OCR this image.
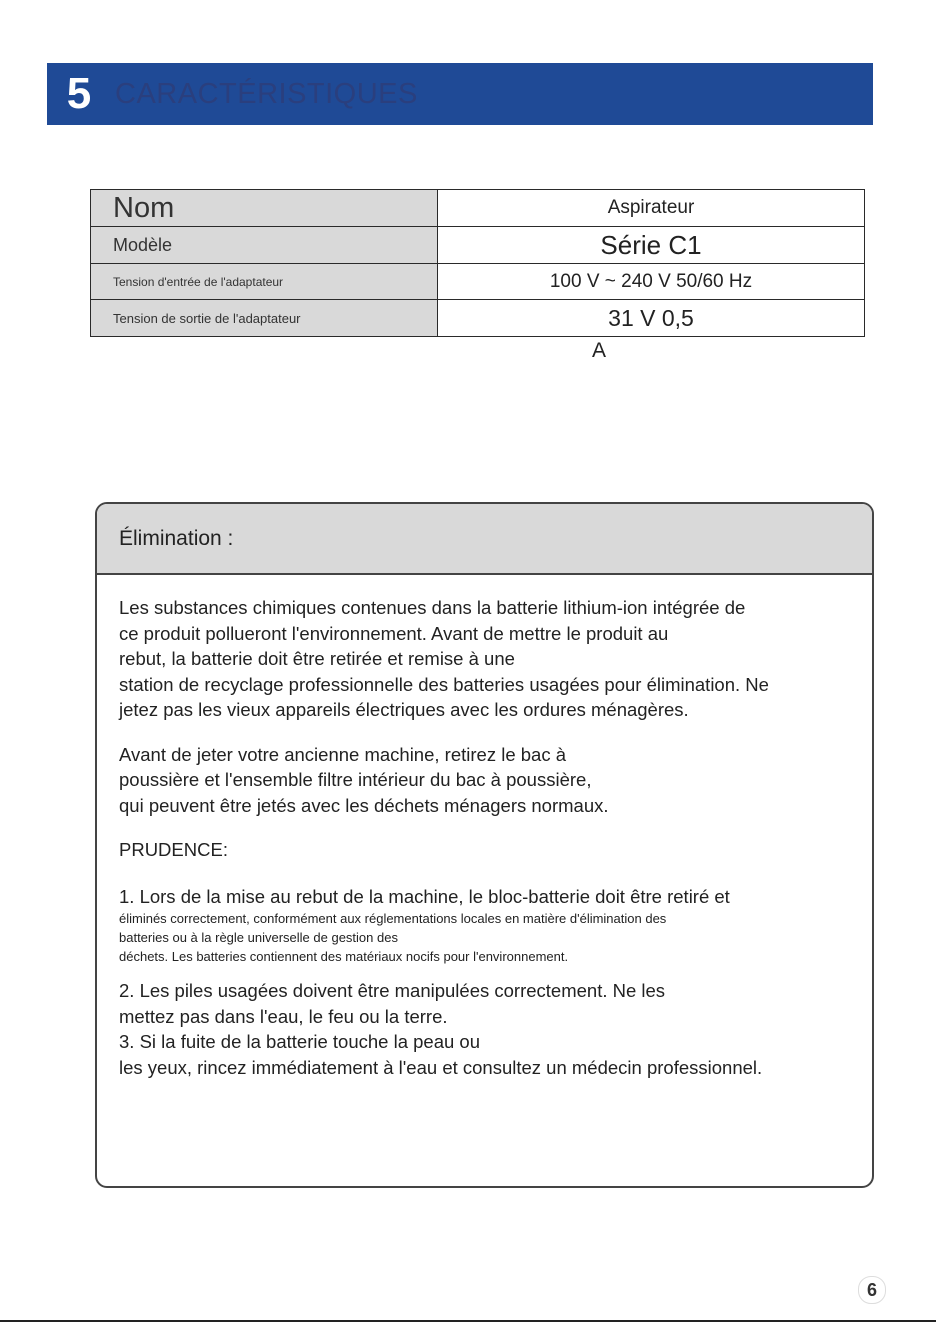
5 CARACTÉRISTIQUES
Nom	Aspirateur
Modèle	Série C1
Tension d'entrée de l'adaptateur	100 V ~ 240 V 50/60 Hz
Tension de sortie de l'adaptateur	31 V 0,5
A
Élimination :

Les substances chimiques contenues dans la batterie lithium-ion intégrée de
ce produit pollueront l'environnement. Avant de mettre le produit au
rebut, la batterie doit être retirée et remise à une
station de recyclage professionnelle des batteries usagées pour élimination. Ne
jetez pas les vieux appareils électriques avec les ordures ménagères.

Avant de jeter votre ancienne machine, retirez le bac à
poussière et l'ensemble filtre intérieur du bac à poussière,
qui peuvent être jetés avec les déchets ménagers normaux.

PRUDENCE:

1. Lors de la mise au rebut de la machine, le bloc-batterie doit être retiré et
éliminés correctement, conformément aux réglementations locales en matière d'élimination des
batteries ou à la règle universelle de gestion des
déchets. Les batteries contiennent des matériaux nocifs pour l'environnement.
2. Les piles usagées doivent être manipulées correctement. Ne les
mettez pas dans l'eau, le feu ou la terre.
3. Si la fuite de la batterie touche la peau ou
les yeux, rincez immédiatement à l'eau et consultez un médecin professionnel.
6
